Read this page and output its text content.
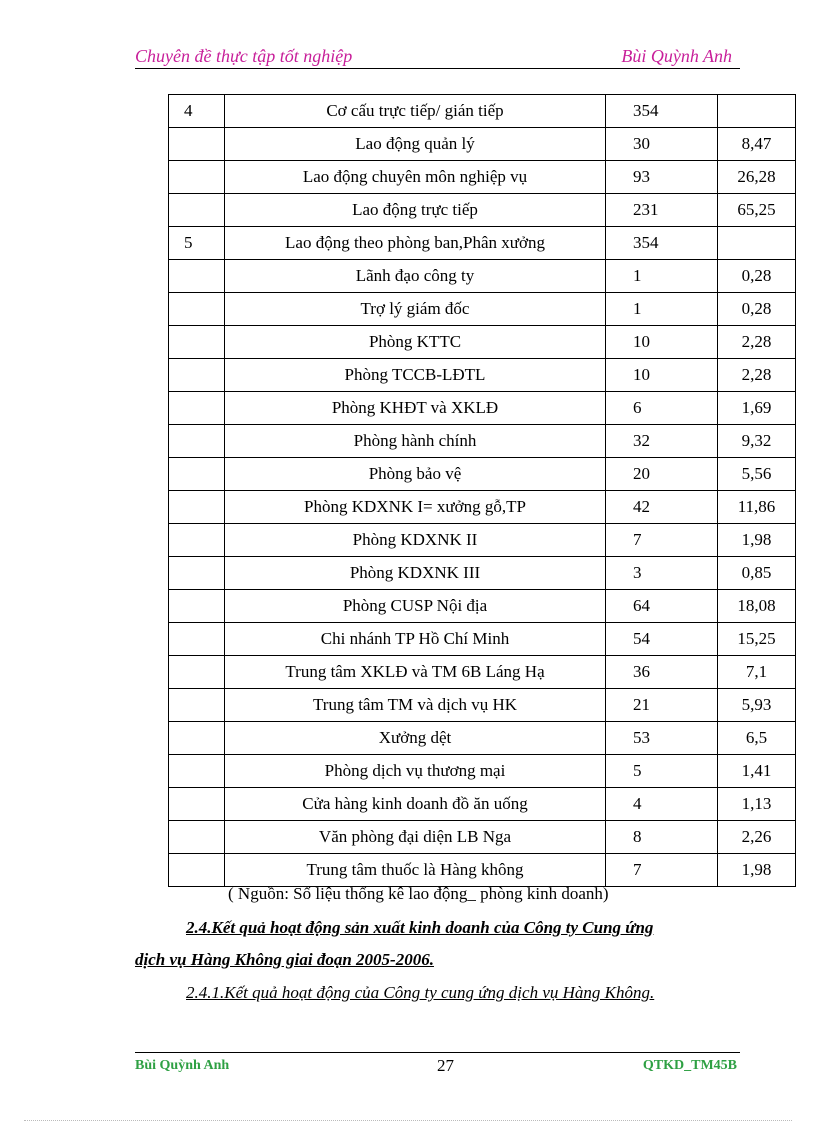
Chuyên đề thực tập tốt nghiệp	Bùi Quỳnh Anh
4	Cơ cấu trực tiếp/ gián tiếp	354	
	Lao động quản lý	30	8,47
	Lao động chuyên môn nghiệp vụ	93	26,28
	Lao động trực tiếp	231	65,25
5	Lao động theo phòng ban,Phân xưởng	354	
	Lãnh đạo công ty	1	0,28
	Trợ lý giám đốc	1	0,28
	Phòng KTTC	10	2,28
	Phòng TCCB-LĐTL	10	2,28
	Phòng KHĐT và XKLĐ	6	1,69
	Phòng hành chính	32	9,32
	Phòng bảo vệ	20	5,56
	Phòng KDXNK I= xưởng gỗ,TP	42	11,86
	Phòng KDXNK II	7	1,98
	Phòng KDXNK III	3	0,85
	Phòng CUSP Nội địa	64	18,08
	Chi nhánh TP Hồ Chí Minh	54	15,25
	Trung tâm XKLĐ và TM 6B Láng Hạ	36	7,1
	Trung tâm TM và dịch vụ HK	21	5,93
	Xưởng dệt	53	6,5
	Phòng dịch vụ thương mại	5	1,41
	Cửa hàng kinh doanh đồ ăn uống	4	1,13
	Văn phòng đại diện LB Nga	8	2,26
	Trung tâm thuốc là Hàng không	7	1,98
( Nguồn: Số liệu thống kê lao động_ phòng kinh doanh)
2.4.Kết quả hoạt động sản xuất kinh doanh của Công ty Cung ứng
dịch vụ Hàng Không giai đoạn 2005-2006.
2.4.1.Kết quả hoạt động của Công ty cung ứng dịch vụ Hàng Không.
Bùi Quỳnh Anh	27	QTKD_TM45B
